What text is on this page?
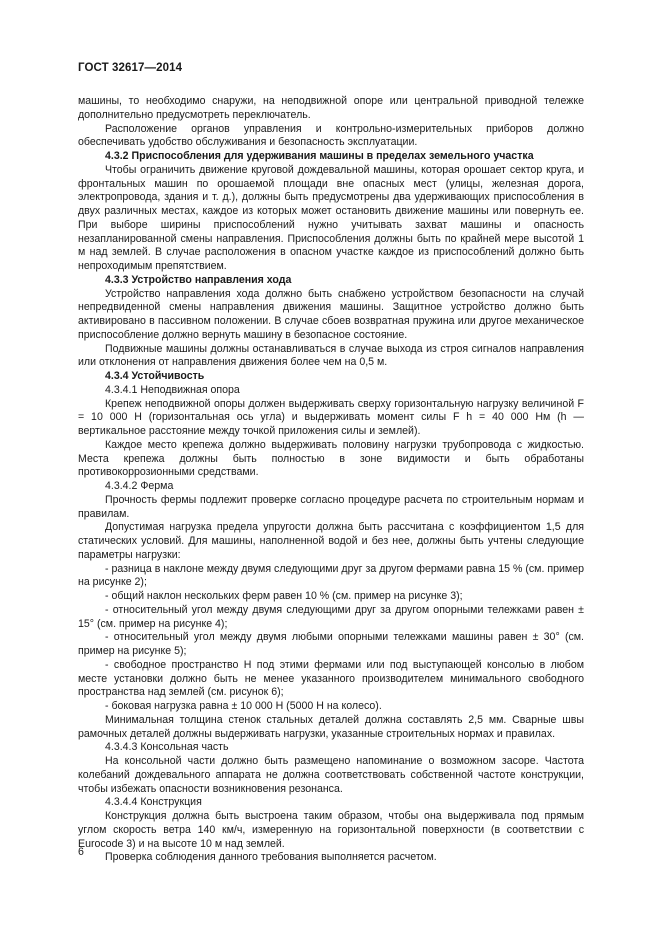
ГОСТ 32617—2014

машины, то необходимо снаружи, на неподвижной опоре или центральной приводной тележке дополнительно предусмотреть переключатель.

Расположение органов управления и контрольно-измерительных приборов должно обеспечивать удобство обслуживания и безопасность эксплуатации.

4.3.2 Приспособления для удерживания машины в пределах земельного участка

Чтобы ограничить движение круговой дождевальной машины, которая орошает сектор круга, и фронтальных машин по орошаемой площади вне опасных мест (улицы, железная дорога, электропровода, здания и т. д.), должны быть предусмотрены два удерживающих приспособления в двух различных местах, каждое из которых может остановить движение машины или повернуть ее. При выборе ширины приспособлений нужно учитывать захват машины и опасность незапланированной смены направления. Приспособления должны быть по крайней мере высотой 1 м над землей. В случае расположения в опасном участке каждое из приспособлений должно быть непроходимым препятствием.

4.3.3 Устройство направления хода

Устройство направления хода должно быть снабжено устройством безопасности на случай непредвиденной смены направления движения машины. Защитное устройство должно быть активировано в пассивном положении. В случае сбоев возвратная пружина или другое механическое приспособление должно вернуть машину в безопасное состояние.

Подвижные машины должны останавливаться в случае выхода из строя сигналов направления или отклонения от направления движения более чем на 0,5 м.

4.3.4 Устойчивость

4.3.4.1 Неподвижная опора

Крепеж неподвижной опоры должен выдерживать сверху горизонтальную нагрузку величиной F = 10 000 Н (горизонтальная ось угла) и выдерживать момент силы F h = 40 000 Нм (h — вертикальное расстояние между точкой приложения силы и землей).

Каждое место крепежа должно выдерживать половину нагрузки трубопровода с жидкостью. Места крепежа должны быть полностью в зоне видимости и быть обработаны противокоррозионными средствами.

4.3.4.2 Ферма

Прочность фермы подлежит проверке согласно процедуре расчета по строительным нормам и правилам.

Допустимая нагрузка предела упругости должна быть рассчитана с коэффициентом 1,5 для статических условий. Для машины, наполненной водой и без нее, должны быть учтены следующие параметры нагрузки:

- разница в наклоне между двумя следующими друг за другом фермами равна 15 % (см. пример на рисунке 2);

- общий наклон нескольких ферм равен 10 % (см. пример на рисунке 3);

- относительный угол между двумя следующими друг за другом опорными тележками равен ± 15° (см. пример на рисунке 4);

- относительный угол между двумя любыми опорными тележками машины равен ± 30° (см. пример на рисунке 5);

- свободное пространство H под этими фермами или под выступающей консолью в любом месте установки должно быть не менее указанного производителем минимального свободного пространства над землей (см. рисунок 6);

- боковая нагрузка равна ± 10 000 Н (5000 Н на колесо).

Минимальная толщина стенок стальных деталей должна составлять 2,5 мм. Сварные швы рамочных деталей должны выдерживать нагрузки, указанные строительных нормах и правилах.

4.3.4.3 Консольная часть

На консольной части должно быть размещено напоминание о возможном засоре. Частота колебаний дождевального аппарата не должна соответствовать собственной частоте конструкции, чтобы избежать опасности возникновения резонанса.

4.3.4.4 Конструкция

Конструкция должна быть выстроена таким образом, чтобы она выдерживала под прямым углом скорость ветра 140 км/ч, измеренную на горизонтальной поверхности (в соответствии с Eurocode 3) и на высоте 10 м над землей.

Проверка соблюдения данного требования выполняется расчетом.

6
